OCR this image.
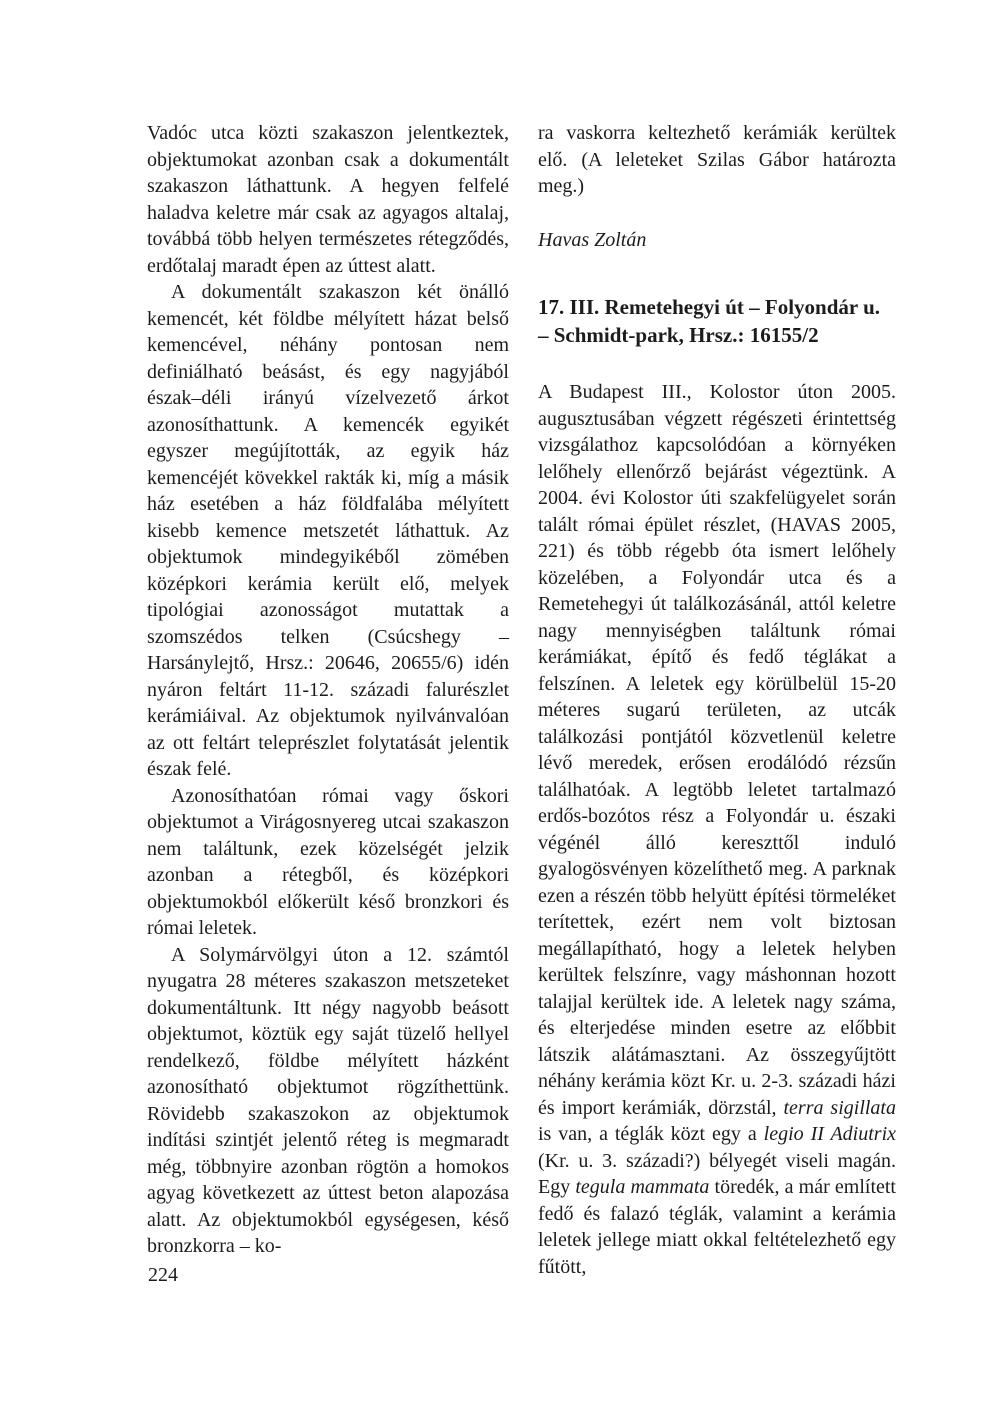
Vadóc utca közti szakaszon jelentkeztek, objektumokat azonban csak a dokumentált szakaszon láthattunk. A hegyen felfelé haladva keletre már csak az agyagos altalaj, továbbá több helyen természetes rétegződés, erdőtalaj maradt épen az úttest alatt.

A dokumentált szakaszon két önálló kemencét, két földbe mélyített házat belső kemencével, néhány pontosan nem definiálható beásást, és egy nagyjából észak–déli irányú vízelvezető árkot azonosíthattunk. A kemencék egyikét egyszer megújították, az egyik ház kemencéjét kövekkel rakták ki, míg a másik ház esetében a ház földfalába mélyített kisebb kemence metszetét láthattuk. Az objektumok mindegyikéből zömében középkori kerámia került elő, melyek tipológiai azonosságot mutattak a szomszédos telken (Csúcshegy – Harsánylejtő, Hrsz.: 20646, 20655/6) idén nyáron feltárt 11-12. századi falurészlet kerámiáival. Az objektumok nyilvánvalóan az ott feltárt teleprészlet folytatását jelentik észak felé.

Azonosíthatóan római vagy őskori objektumot a Virágosnyereg utcai szakaszon nem találtunk, ezek közelségét jelzik azonban a rétegből, és középkori objektumokból előkerült késő bronzkori és római leletek.

A Solymárvölgyi úton a 12. számtól nyugatra 28 méteres szakaszon metszeteket dokumentáltunk. Itt négy nagyobb beásott objektumot, köztük egy saját tüzelő hellyel rendelkező, földbe mélyített házként azonosítható objektumot rögzíthettünk. Rövidebb szakaszokon az objektumok indítási szintjét jelentő réteg is megmaradt még, többnyire azonban rögtön a homokos agyag következett az úttest beton alapozása alatt. Az objektumokból egységesen, késő bronzkorra – ko-

ra vaskorra keltezhető kerámiák kerültek elő. (A leleteket Szilas Gábor határozta meg.)

Havas Zoltán

17. III. Remetehegyi út – Folyondár u.
– Schmidt-park, Hrsz.: 16155/2

A Budapest III., Kolostor úton 2005. augusztusában végzett régészeti érintettség vizsgálathoz kapcsolódóan a környéken lelőhely ellenőrző bejárást végeztünk. A 2004. évi Kolostor úti szakfelügyelet során talált római épület részlet, (HAVAS 2005, 221) és több régebb óta ismert lelőhely közelében, a Folyondár utca és a Remetehegyi út találkozásánál, attól keletre nagy mennyiségben találtunk római kerámiákat, építő és fedő téglákat a felszínen. A leletek egy körülbelül 15-20 méteres sugarú területen, az utcák találkozási pontjától közvetlenül keletre lévő meredek, erősen erodálódó rézsűn találhatóak. A legtöbb leletet tartalmazó erdős-bozótos rész a Folyondár u. északi végénél álló kereszttől induló gyalogösvényen közelíthető meg. A parknak ezen a részén több helyütt építési törmeléket terítettek, ezért nem volt biztosan megállapítható, hogy a leletek helyben kerültek felszínre, vagy máshonnan hozott talajjal kerültek ide. A leletek nagy száma, és elterjedése minden esetre az előbbit látszik alátámasztani. Az összegyűjtött néhány kerámia közt Kr. u. 2-3. századi házi és import kerámiák, dörzstál, terra sigillata is van, a téglák közt egy a legio II Adiutrix (Kr. u. 3. századi?) bélyegét viseli magán. Egy tegula mammata töredék, a már említett fedő és falazó téglák, valamint a kerámia leletek jellege miatt okkal feltételezhető egy fűtött,

224
